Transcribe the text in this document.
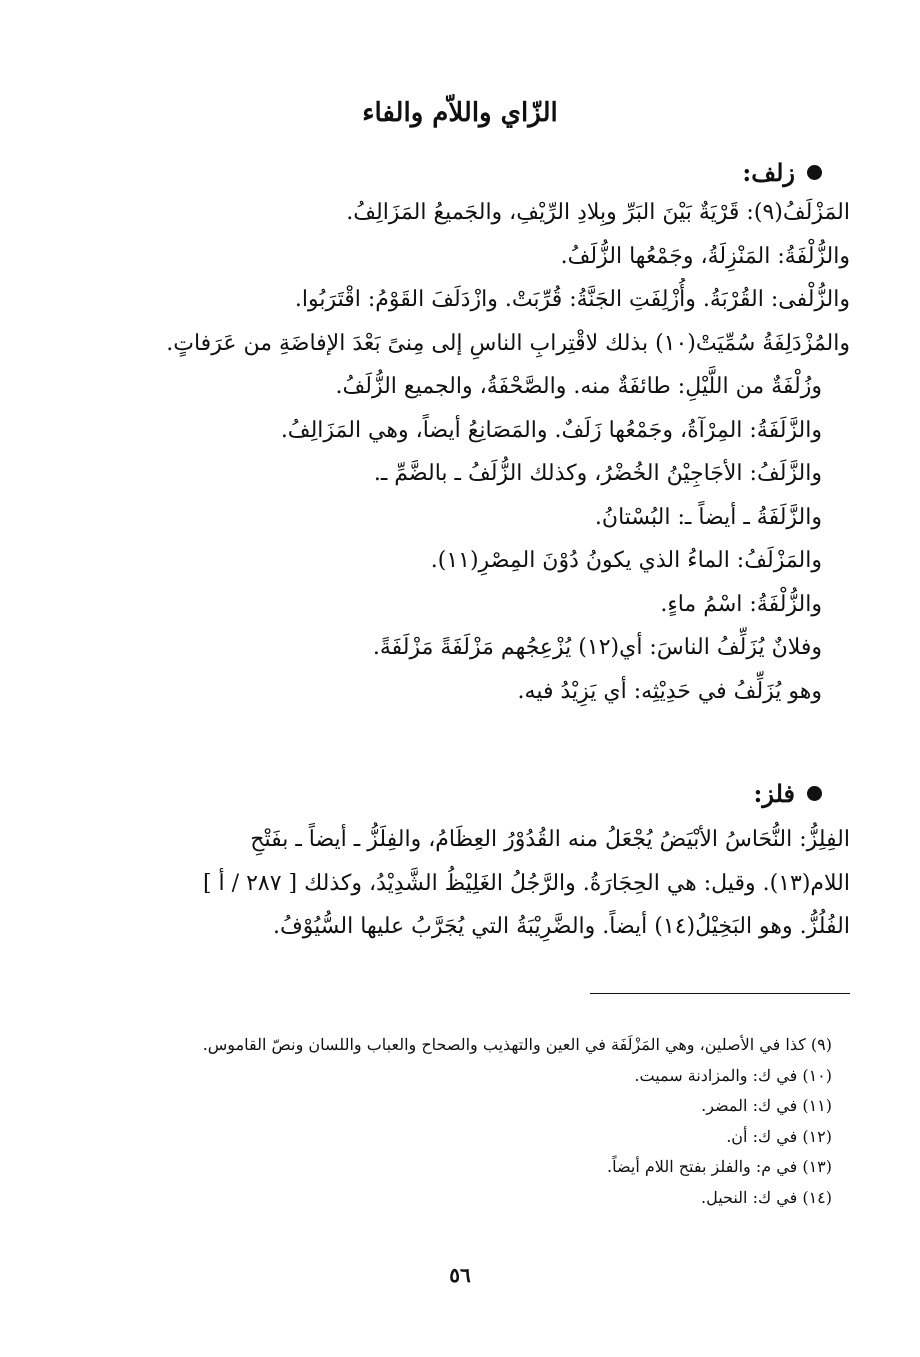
الزّاي واللاّم والفاء
زلف:
المَزْلَفُ(٩): قَرْيَةٌ بَيْنَ البَرِّ وبِلادِ الرِّيْفِ، والجَميعُ المَزَالِفُ.
والزُّلْفَةُ: المَنْزِلَةُ، وجَمْعُها الزُّلَفُ.
والزُّلْفى: القُرْبَةُ. وأُزْلِفَتِ الجَنَّةُ: قُرِّبَتْ. وازْدَلَفَ القَوْمُ: اقْتَرَبُوا.
والمُزْدَلِفَةُ سُمِّيَتْ(١٠) بذلك لاقْتِرابِ الناسِ إلى مِنىً بَعْدَ الإفاضَةِ من عَرَفاتٍ.
وزُلْفَةٌ من اللَّيْلِ: طائفَةٌ منه. والصَّحْفَةُ، والجميع الزُّلَفُ.
والزَّلَفَةُ: المِرْآةُ، وجَمْعُها زَلَفٌ. والمَصَانِعُ أيضاً، وهي المَزَالِفُ.
والزَّلَفُ: الأجَاجِيْنُ الخُضْرُ، وكذلك الزُّلَفُ ـ بالضَّمِّ ـ.
والزَّلَفَةُ ـ أيضاً ـ: البُسْتانُ.
والمَزْلَفُ: الماءُ الذي يكونُ دُوْنَ المِصْرِ(١١).
والزُّلْفَةُ: اسْمُ ماءٍ.
وفلانٌ يُزَلِّفُ الناسَ: أي(١٢) يُزْعِجُهم مَزْلَفَةً مَزْلَفَةً.
وهو يُزَلِّفُ في حَدِيْثِه: أي يَزِيْدُ فيه.
فلز:
الفِلِزُّ: النُّحَاسُ الأبْيَضُ يُجْعَلُ منه القُدُوْرُ العِظَامُ، والفِلَزُّ ـ أيضاً ـ بفَتْحِ
اللام(١٣). وقيل: هي الحِجَارَةُ. والرَّجُلُ الغَلِيْظُ الشَّدِيْدُ، وكذلك [ ٢٨٧ / أ ]
الفُلُزُّ. وهو البَخِيْلُ(١٤) أيضاً. والضَّرِيْبَةُ التي يُجَرَّبُ عليها السُّيُوْفُ.
(٩) كذا في الأصلين، وهي المَزْلَفَة في العين والتهذيب والصحاح والعباب واللسان ونصّ القاموس.
(١٠) في ك: والمزادنة سميت.
(١١) في ك: المضر.
(١٢) في ك: أن.
(١٣) في م: والفلز بفتح اللام أيضاً.
(١٤) في ك: النحيل.
٥٦
